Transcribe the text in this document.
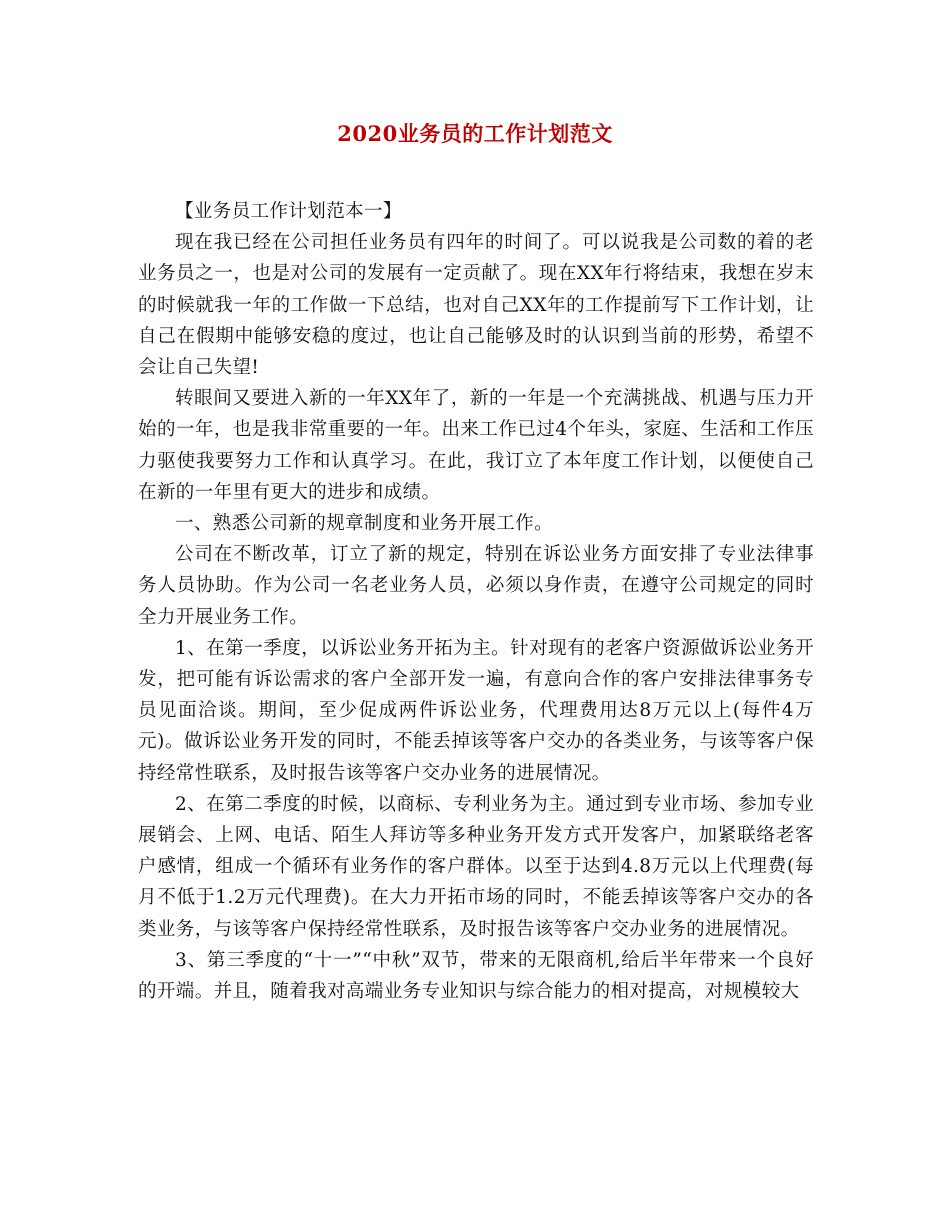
2020业务员的工作计划范文

【业务员工作计划范本一】

现在我已经在公司担任业务员有四年的时间了。可以说我是公司数的着的老业务员之一，也是对公司的发展有一定贡献了。现在XX年行将结束，我想在岁末的时候就我一年的工作做一下总结，也对自己XX年的工作提前写下工作计划，让自己在假期中能够安稳的度过，也让自己能够及时的认识到当前的形势，希望不会让自己失望!

转眼间又要进入新的一年XX年了，新的一年是一个充满挑战、机遇与压力开始的一年，也是我非常重要的一年。出来工作已过4个年头，家庭、生活和工作压力驱使我要努力工作和认真学习。在此，我订立了本年度工作计划，以便使自己在新的一年里有更大的进步和成绩。

一、熟悉公司新的规章制度和业务开展工作。

公司在不断改革，订立了新的规定，特别在诉讼业务方面安排了专业法律事务人员协助。作为公司一名老业务人员，必须以身作责，在遵守公司规定的同时全力开展业务工作。

1、在第一季度，以诉讼业务开拓为主。针对现有的老客户资源做诉讼业务开发，把可能有诉讼需求的客户全部开发一遍，有意向合作的客户安排法律事务专员见面洽谈。期间，至少促成两件诉讼业务，代理费用达8万元以上(每件4万元)。做诉讼业务开发的同时，不能丢掉该等客户交办的各类业务，与该等客户保持经常性联系，及时报告该等客户交办业务的进展情况。

2、在第二季度的时候，以商标、专利业务为主。通过到专业市场、参加专业展销会、上网、电话、陌生人拜访等多种业务开发方式开发客户，加紧联络老客户感情，组成一个循环有业务作的客户群体。以至于达到4.8万元以上代理费(每月不低于1.2万元代理费)。在大力开拓市场的同时，不能丢掉该等客户交办的各类业务，与该等客户保持经常性联系，及时报告该等客户交办业务的进展情况。

3、第三季度的“十一”“中秋”双节，带来的无限商机,给后半年带来一个良好的开端。并且，随着我对高端业务专业知识与综合能力的相对提高，对规模较大
